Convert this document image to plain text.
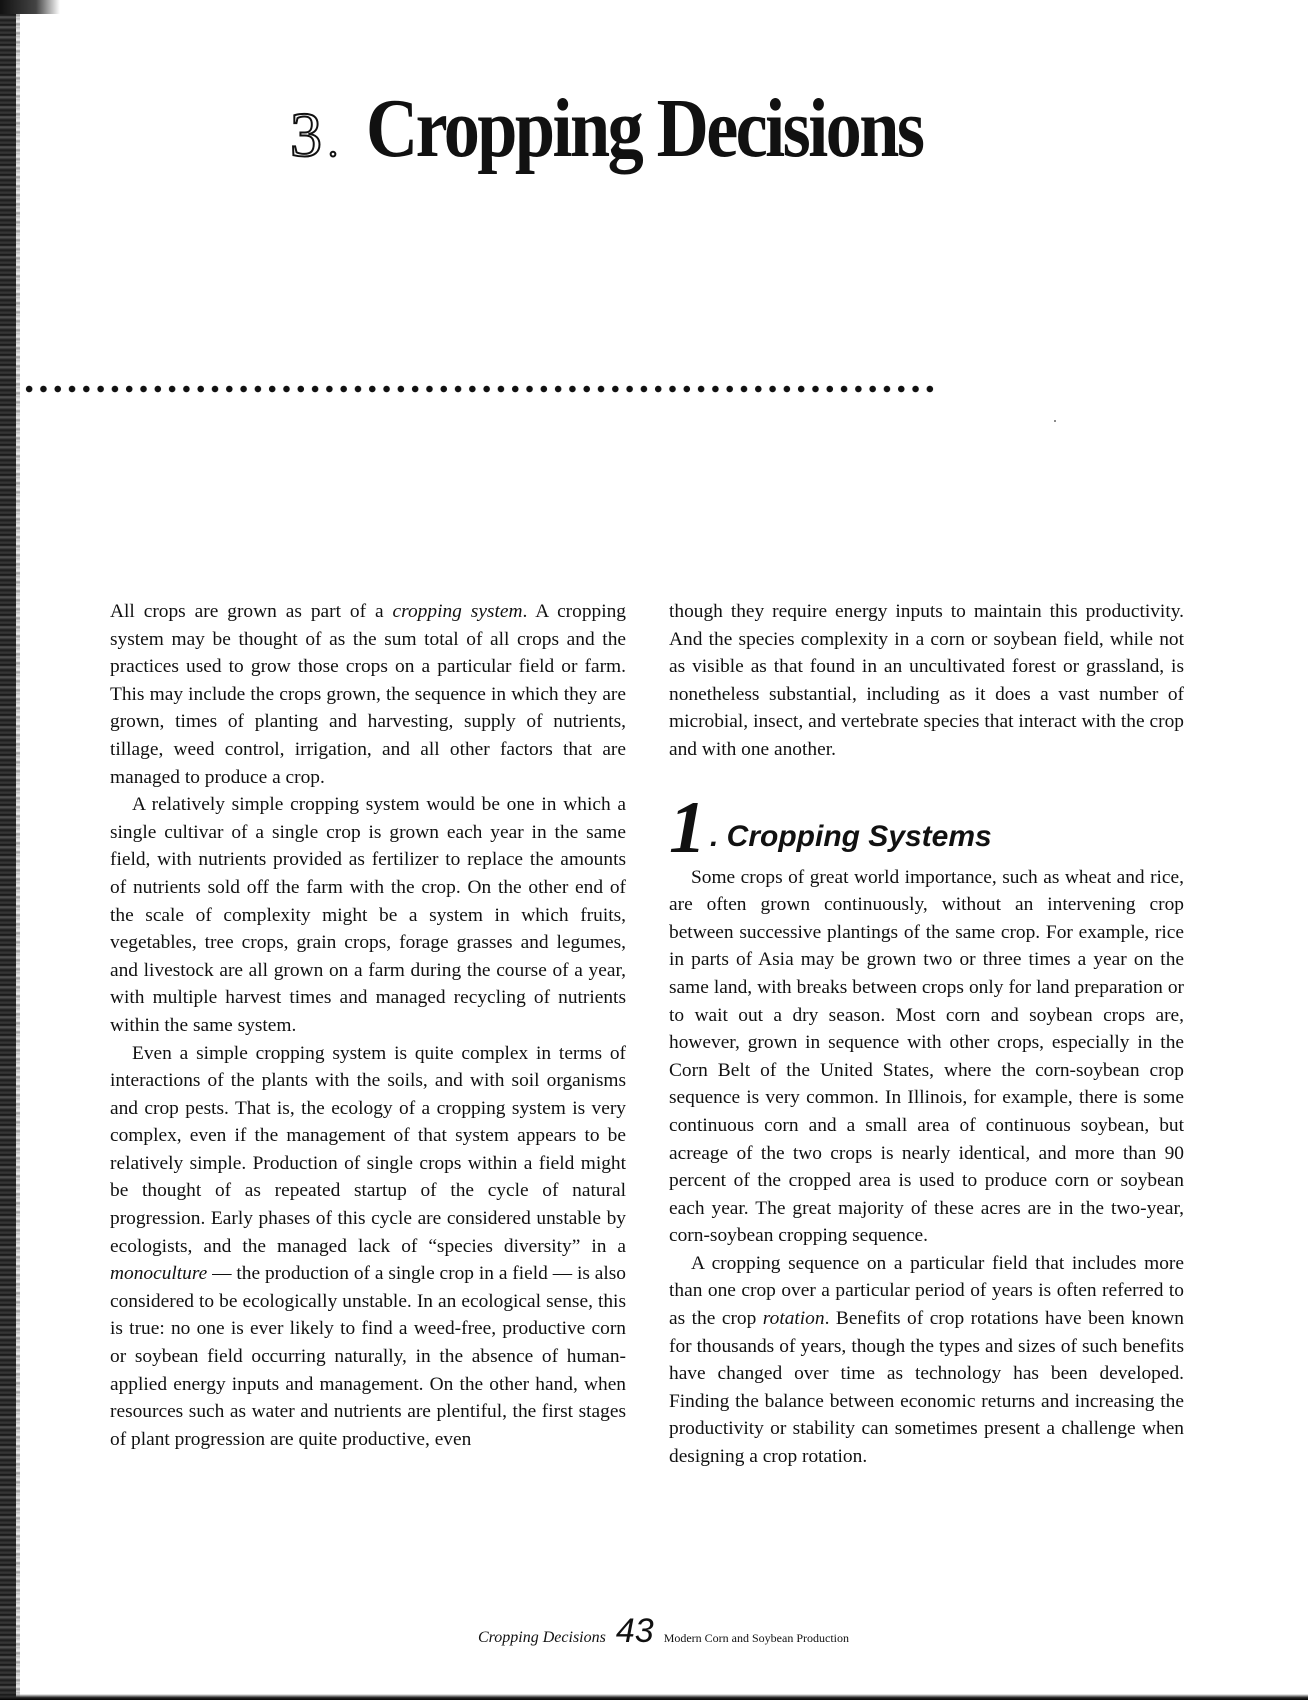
3 . Cropping Decisions

All crops are grown as part of a cropping system. A cropping system may be thought of as the sum total of all crops and the practices used to grow those crops on a particular field or farm. This may include the crops grown, the sequence in which they are grown, times of planting and harvesting, supply of nutrients, tillage, weed control, irrigation, and all other factors that are managed to produce a crop.

A relatively simple cropping system would be one in which a single cultivar of a single crop is grown each year in the same field, with nutrients provided as fertilizer to replace the amounts of nutrients sold off the farm with the crop. On the other end of the scale of complexity might be a system in which fruits, vegetables, tree crops, grain crops, forage grasses and legumes, and livestock are all grown on a farm during the course of a year, with multiple harvest times and managed recycling of nutrients within the same system.

Even a simple cropping system is quite complex in terms of interactions of the plants with the soils, and with soil organisms and crop pests. That is, the ecology of a cropping system is very complex, even if the management of that system appears to be relatively simple. Production of single crops within a field might be thought of as repeated startup of the cycle of natural progression. Early phases of this cycle are considered unstable by ecologists, and the managed lack of “species diversity” in a monoculture — the production of a single crop in a field — is also considered to be ecologically unstable. In an ecological sense, this is true: no one is ever likely to find a weed-free, productive corn or soybean field occurring naturally, in the absence of human-applied energy inputs and management. On the other hand, when resources such as water and nutrients are plentiful, the first stages of plant progression are quite productive, even

though they require energy inputs to maintain this productivity. And the species complexity in a corn or soybean field, while not as visible as that found in an uncultivated forest or grassland, is nonetheless substantial, including as it does a vast number of microbial, insect, and vertebrate species that interact with the crop and with one another.

1 . Cropping Systems

Some crops of great world importance, such as wheat and rice, are often grown continuously, without an intervening crop between successive plantings of the same crop. For example, rice in parts of Asia may be grown two or three times a year on the same land, with breaks between crops only for land preparation or to wait out a dry season. Most corn and soybean crops are, however, grown in sequence with other crops, especially in the Corn Belt of the United States, where the corn-soybean crop sequence is very common. In Illinois, for example, there is some continuous corn and a small area of continuous soybean, but acreage of the two crops is nearly identical, and more than 90 percent of the cropped area is used to produce corn or soybean each year. The great majority of these acres are in the two-year, corn-soybean cropping sequence.

A cropping sequence on a particular field that includes more than one crop over a particular period of years is often referred to as the crop rotation. Benefits of crop rotations have been known for thousands of years, though the types and sizes of such benefits have changed over time as technology has been developed. Finding the balance between economic returns and increasing the productivity or stability can sometimes present a challenge when designing a crop rotation.

Cropping Decisions 43 Modern Corn and Soybean Production
